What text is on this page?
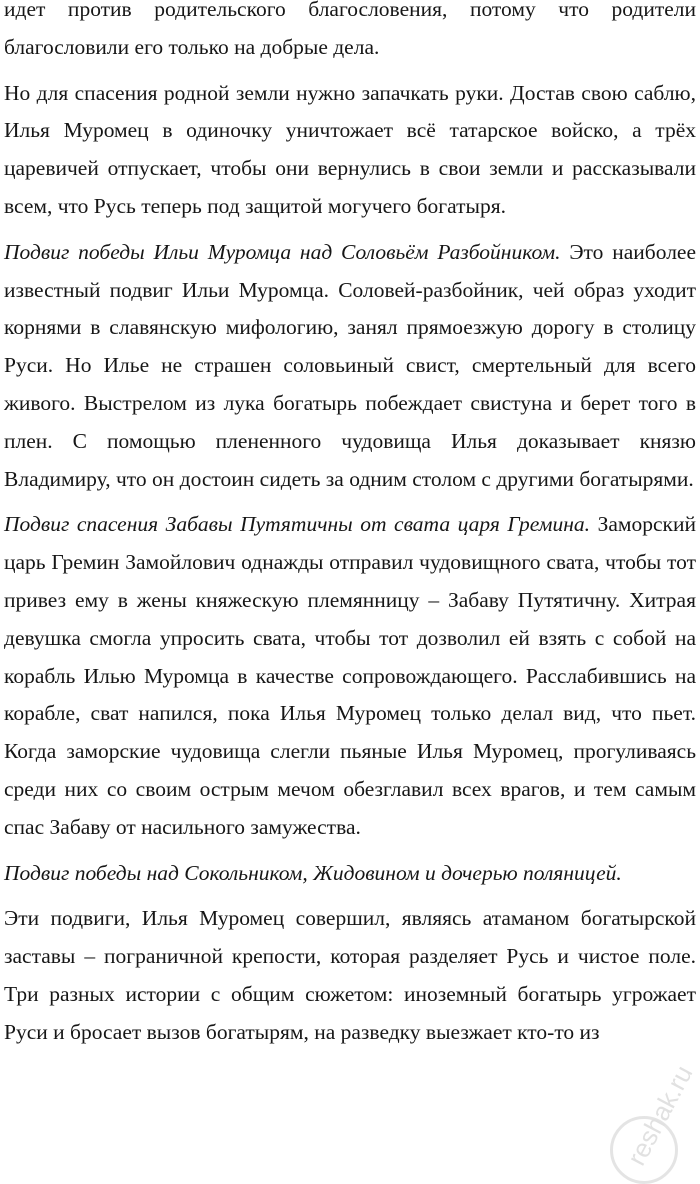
идет против родительского благословения, потому что родители благословили его только на добрые дела.

Но для спасения родной земли нужно запачкать руки. Достав свою саблю, Илья Муромец в одиночку уничтожает всё татарское войско, а трёх царевичей отпускает, чтобы они вернулись в свои земли и рассказывали всем, что Русь теперь под защитой могучего богатыря.

Подвиг победы Ильи Муромца над Соловьём Разбойником. Это наиболее известный подвиг Ильи Муромца. Соловей-разбойник, чей образ уходит корнями в славянскую мифологию, занял прямоезжую дорогу в столицу Руси. Но Илье не страшен соловьиный свист, смертельный для всего живого. Выстрелом из лука богатырь побеждает свистуна и берет того в плен. С помощью плененного чудовища Илья доказывает князю Владимиру, что он достоин сидеть за одним столом с другими богатырями.

Подвиг спасения Забавы Путятичны от свата царя Гремина. Заморский царь Гремин Замойлович однажды отправил чудовищного свата, чтобы тот привез ему в жены княжескую племянницу – Забаву Путятичну. Хитрая девушка смогла упросить свата, чтобы тот дозволил ей взять с собой на корабль Илью Муромца в качестве сопровождающего. Расслабившись на корабле, сват напился, пока Илья Муромец только делал вид, что пьет. Когда заморские чудовища слегли пьяные Илья Муромец, прогуливаясь среди них со своим острым мечом обезглавил всех врагов, и тем самым спас Забаву от насильного замужества.

Подвиг победы над Сокольником, Жидовином и дочерью поляницей.

Эти подвиги, Илья Муромец совершил, являясь атаманом богатырской заставы – пограничной крепости, которая разделяет Русь и чистое поле. Три разных истории с общим сюжетом: иноземный богатырь угрожает Руси и бросает вызов богатырям, на разведку выезжает кто-то из

reshak.ru
